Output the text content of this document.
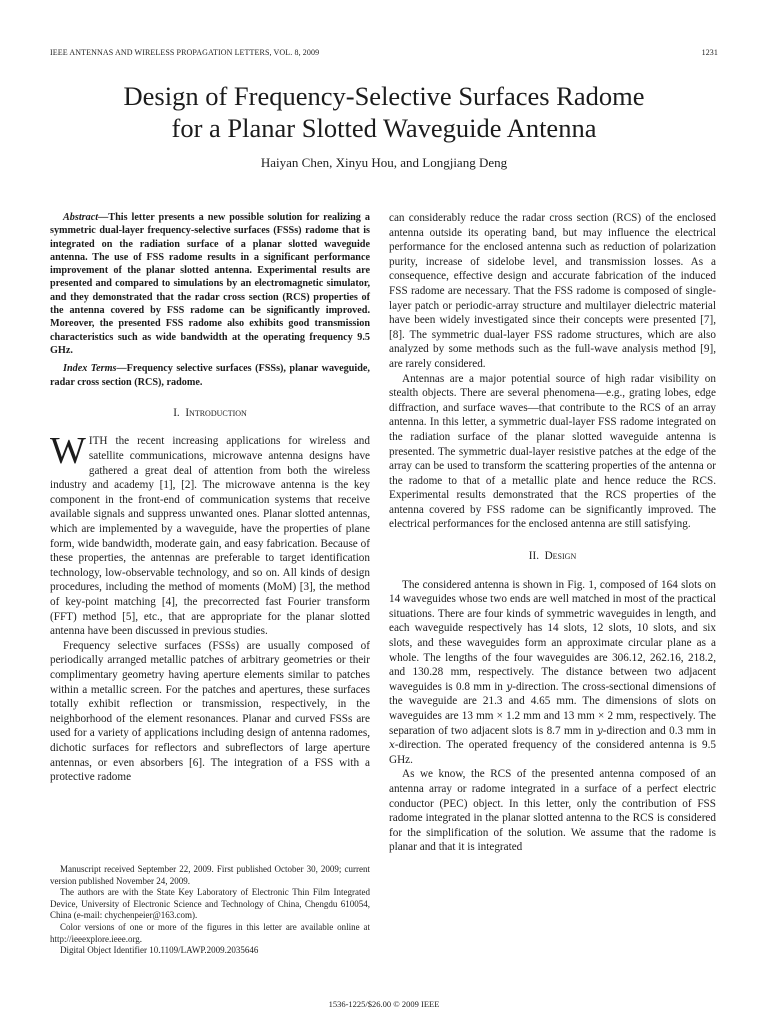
IEEE ANTENNAS AND WIRELESS PROPAGATION LETTERS, VOL. 8, 2009	1231
Design of Frequency-Selective Surfaces Radome
for a Planar Slotted Waveguide Antenna
Haiyan Chen, Xinyu Hou, and Longjiang Deng

Abstract—This letter presents a new possible solution for realizing a symmetric dual-layer frequency-selective surfaces (FSSs) radome that is integrated on the radiation surface of a planar slotted waveguide antenna. The use of FSS radome results in a significant performance improvement of the planar slotted antenna. Experimental results are presented and compared to simulations by an electromagnetic simulator, and they demonstrated that the radar cross section (RCS) properties of the antenna covered by FSS radome can be significantly improved. Moreover, the presented FSS radome also exhibits good transmission characteristics such as wide bandwidth at the operating frequency 9.5 GHz.

Index Terms—Frequency selective surfaces (FSSs), planar waveguide, radar cross section (RCS), radome.

I. Introduction

WITH the recent increasing applications for wireless and satellite communications, microwave antenna designs have gathered a great deal of attention from both the wireless industry and academy [1], [2]. The microwave antenna is the key component in the front-end of communication systems that receive available signals and suppress unwanted ones. Planar slotted antennas, which are implemented by a waveguide, have the properties of plane form, wide bandwidth, moderate gain, and easy fabrication. Because of these properties, the antennas are preferable to target identification technology, low-observable technology, and so on. All kinds of design procedures, including the method of moments (MoM) [3], the method of key-point matching [4], the precorrected fast Fourier transform (FFT) method [5], etc., that are appropriate for the planar slotted antenna have been discussed in previous studies.

Frequency selective surfaces (FSSs) are usually composed of periodically arranged metallic patches of arbitrary geometries or their complimentary geometry having aperture elements similar to patches within a metallic screen. For the patches and apertures, these surfaces totally exhibit reflection or transmission, respectively, in the neighborhood of the element resonances. Planar and curved FSSs are used for a variety of applications including design of antenna radomes, dichotic surfaces for reflectors and subreflectors of large aperture antennas, or even absorbers [6]. The integration of a FSS with a protective radome

Manuscript received September 22, 2009. First published October 30, 2009; current version published November 24, 2009.

The authors are with the State Key Laboratory of Electronic Thin Film Integrated Device, University of Electronic Science and Technology of China, Chengdu 610054, China (e-mail: chychenpeier@163.com).

Color versions of one or more of the figures in this letter are available online at http://ieeexplore.ieee.org.

Digital Object Identifier 10.1109/LAWP.2009.2035646

can considerably reduce the radar cross section (RCS) of the enclosed antenna outside its operating band, but may influence the electrical performance for the enclosed antenna such as reduction of polarization purity, increase of sidelobe level, and transmission losses. As a consequence, effective design and accurate fabrication of the induced FSS radome are necessary. That the FSS radome is composed of single-layer patch or periodic-array structure and multilayer dielectric material have been widely investigated since their concepts were presented [7], [8]. The symmetric dual-layer FSS radome structures, which are also analyzed by some methods such as the full-wave analysis method [9], are rarely considered.

Antennas are a major potential source of high radar visibility on stealth objects. There are several phenomena—e.g., grating lobes, edge diffraction, and surface waves—that contribute to the RCS of an array antenna. In this letter, a symmetric dual-layer FSS radome integrated on the radiation surface of the planar slotted waveguide antenna is presented. The symmetric dual-layer resistive patches at the edge of the array can be used to transform the scattering properties of the antenna or the radome to that of a metallic plate and hence reduce the RCS. Experimental results demonstrated that the RCS properties of the antenna covered by FSS radome can be significantly improved. The electrical performances for the enclosed antenna are still satisfying.

II. Design

The considered antenna is shown in Fig. 1, composed of 164 slots on 14 waveguides whose two ends are well matched in most of the practical situations. There are four kinds of symmetric waveguides in length, and each waveguide respectively has 14 slots, 12 slots, 10 slots, and six slots, and these waveguides form an approximate circular plane as a whole. The lengths of the four waveguides are 306.12, 262.16, 218.2, and 130.28 mm, respectively. The distance between two adjacent waveguides is 0.8 mm in y-direction. The cross-sectional dimensions of the waveguide are 21.3 and 4.65 mm. The dimensions of slots on waveguides are 13 mm × 1.2 mm and 13 mm × 2 mm, respectively. The separation of two adjacent slots is 8.7 mm in y-direction and 0.3 mm in x-direction. The operated frequency of the considered antenna is 9.5 GHz.

As we know, the RCS of the presented antenna composed of an antenna array or radome integrated in a surface of a perfect electric conductor (PEC) object. In this letter, only the contribution of FSS radome integrated in the planar slotted antenna to the RCS is considered for the simplification of the solution. We assume that the radome is planar and that it is integrated

1536-1225/$26.00 © 2009 IEEE
